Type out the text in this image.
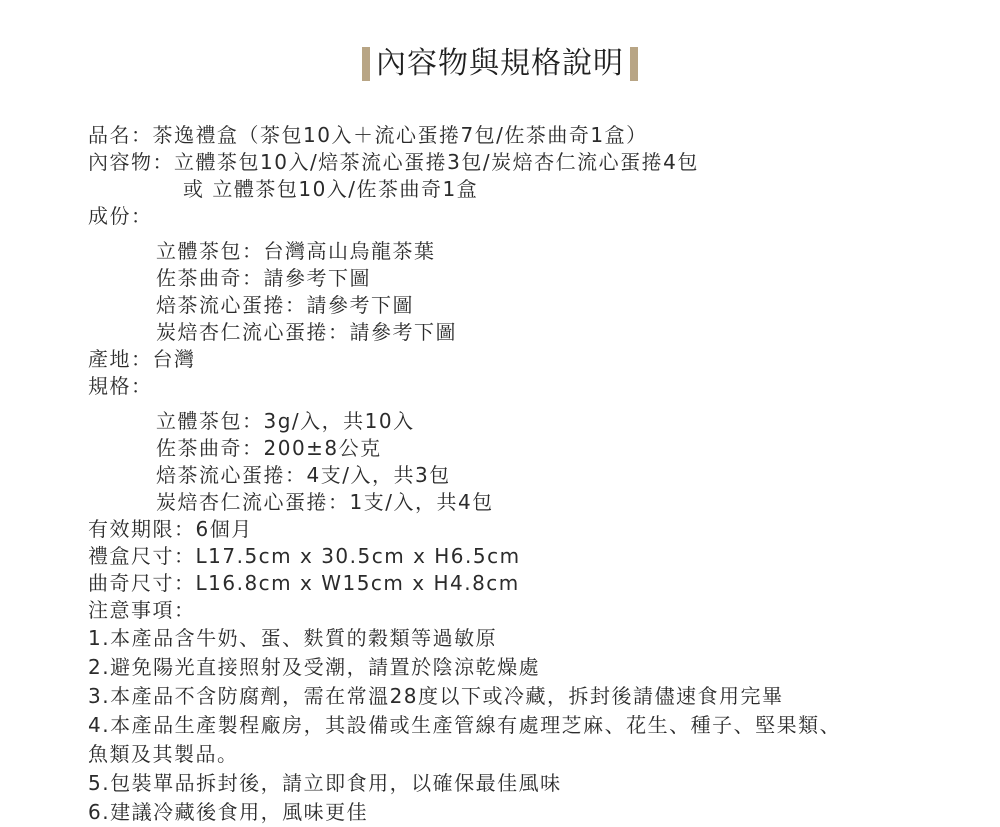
內容物與規格說明
品名：茶逸禮盒（茶包10入＋流心蛋捲7包/佐茶曲奇1盒）
內容物：立體茶包10入/焙茶流心蛋捲3包/炭焙杏仁流心蛋捲4包
或 立體茶包10入/佐茶曲奇1盒
成份：
立體茶包：台灣高山烏龍茶葉
佐茶曲奇：請參考下圖
焙茶流心蛋捲：請參考下圖
炭焙杏仁流心蛋捲：請參考下圖
產地：台灣
規格：
立體茶包：3g/入，共10入
佐茶曲奇：200±8公克
焙茶流心蛋捲：4支/入，共3包
炭焙杏仁流心蛋捲：1支/入，共4包
有效期限：6個月
禮盒尺寸：L17.5cm x 30.5cm x H6.5cm
曲奇尺寸：L16.8cm x W15cm x H4.8cm
注意事項：
1.本產品含牛奶、蛋、麩質的穀類等過敏原
2.避免陽光直接照射及受潮，請置於陰涼乾燥處
3.本產品不含防腐劑，需在常溫28度以下或冷藏，拆封後請儘速食用完畢
4.本產品生產製程廠房，其設備或生產管線有處理芝麻、花生、種子、堅果類、
魚類及其製品。
5.包裝單品拆封後，請立即食用，以確保最佳風味
6.建議冷藏後食用，風味更佳
